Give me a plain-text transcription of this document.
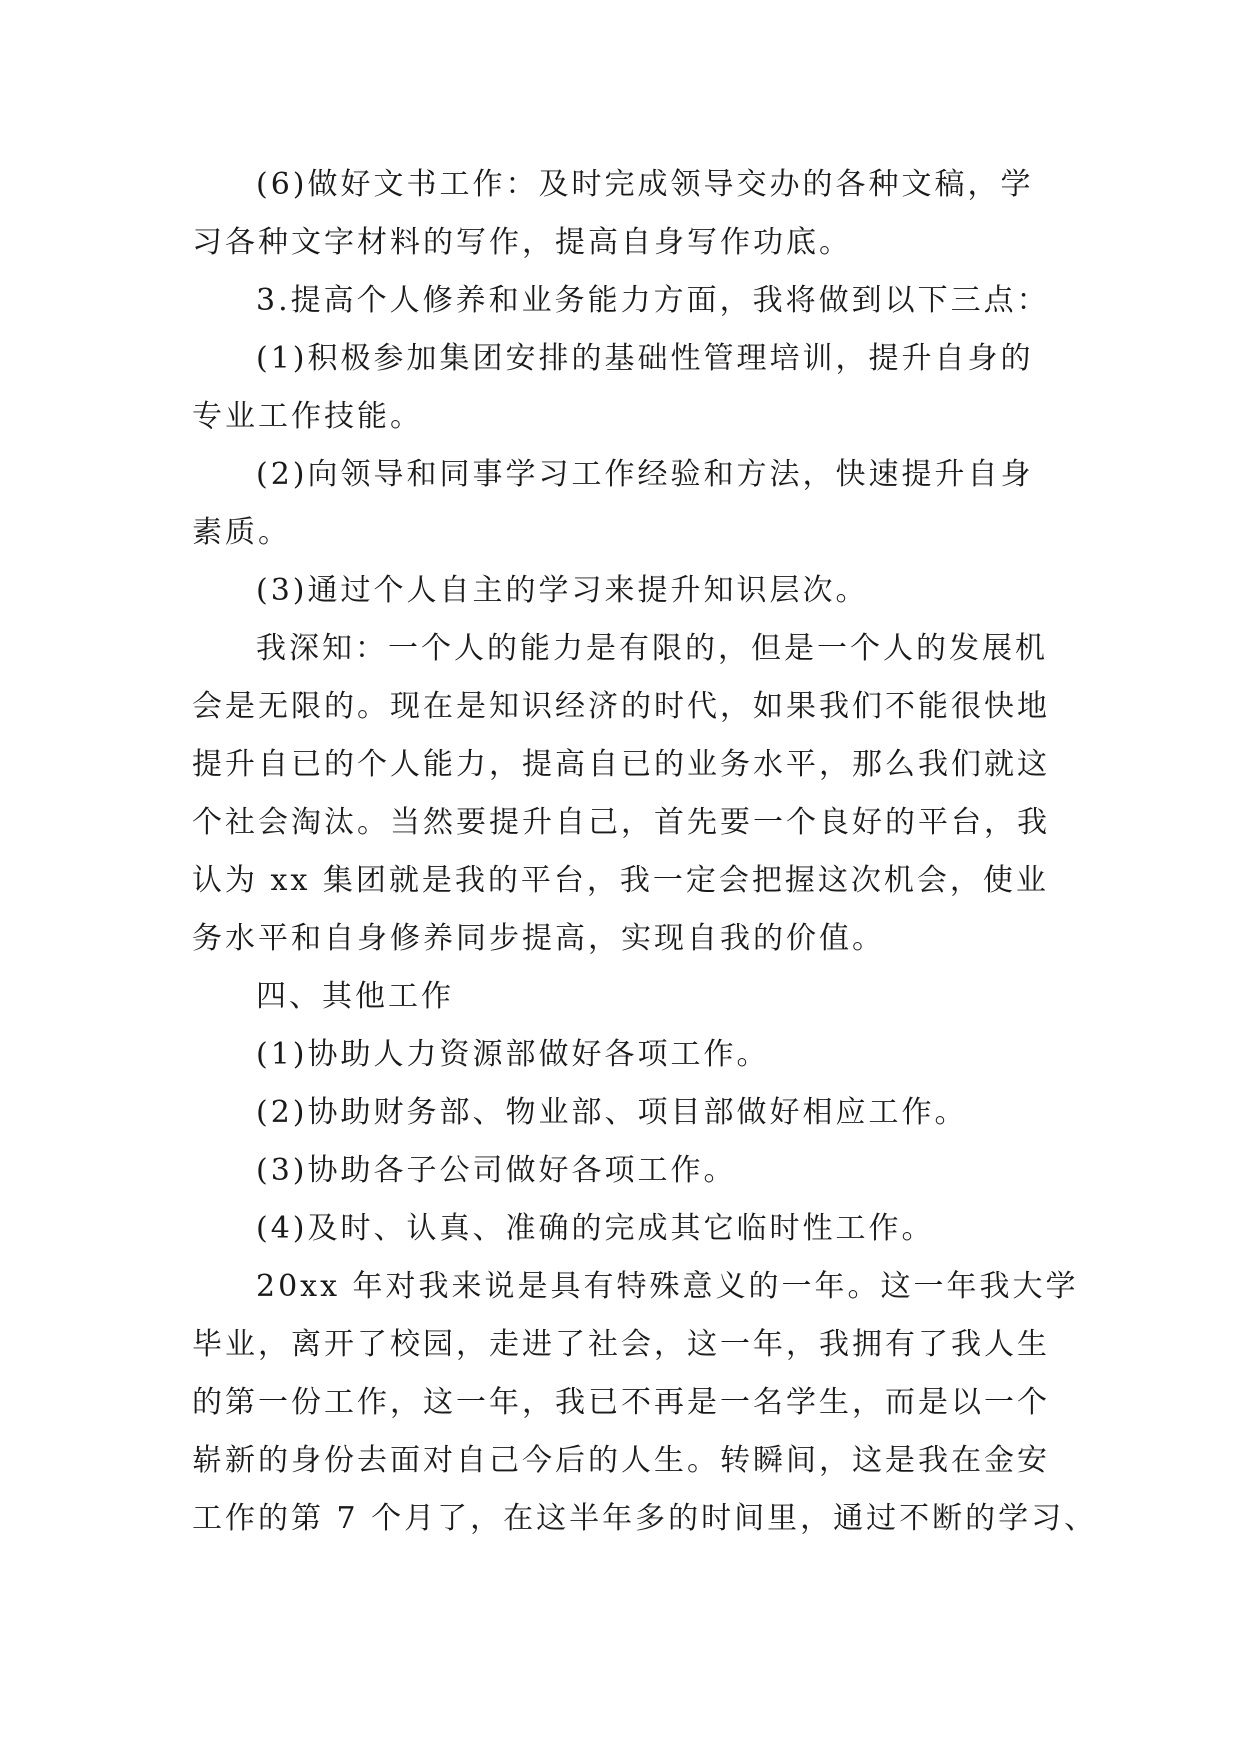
(6)做好文书工作：及时完成领导交办的各种文稿，学
习各种文字材料的写作，提高自身写作功底。
3.提高个人修养和业务能力方面，我将做到以下三点：
(1)积极参加集团安排的基础性管理培训，提升自身的
专业工作技能。
(2)向领导和同事学习工作经验和方法，快速提升自身
素质。
(3)通过个人自主的学习来提升知识层次。
我深知：一个人的能力是有限的，但是一个人的发展机
会是无限的。现在是知识经济的时代，如果我们不能很快地
提升自已的个人能力，提高自已的业务水平，那么我们就这
个社会淘汰。当然要提升自己，首先要一个良好的平台，我
认为 xx 集团就是我的平台，我一定会把握这次机会，使业
务水平和自身修养同步提高，实现自我的价值。
四、其他工作
(1)协助人力资源部做好各项工作。
(2)协助财务部、物业部、项目部做好相应工作。
(3)协助各子公司做好各项工作。
(4)及时、认真、准确的完成其它临时性工作。
20xx 年对我来说是具有特殊意义的一年。这一年我大学
毕业，离开了校园，走进了社会，这一年，我拥有了我人生
的第一份工作，这一年，我已不再是一名学生，而是以一个
崭新的身份去面对自己今后的人生。转瞬间，这是我在金安
工作的第 7 个月了，在这半年多的时间里，通过不断的学习、
